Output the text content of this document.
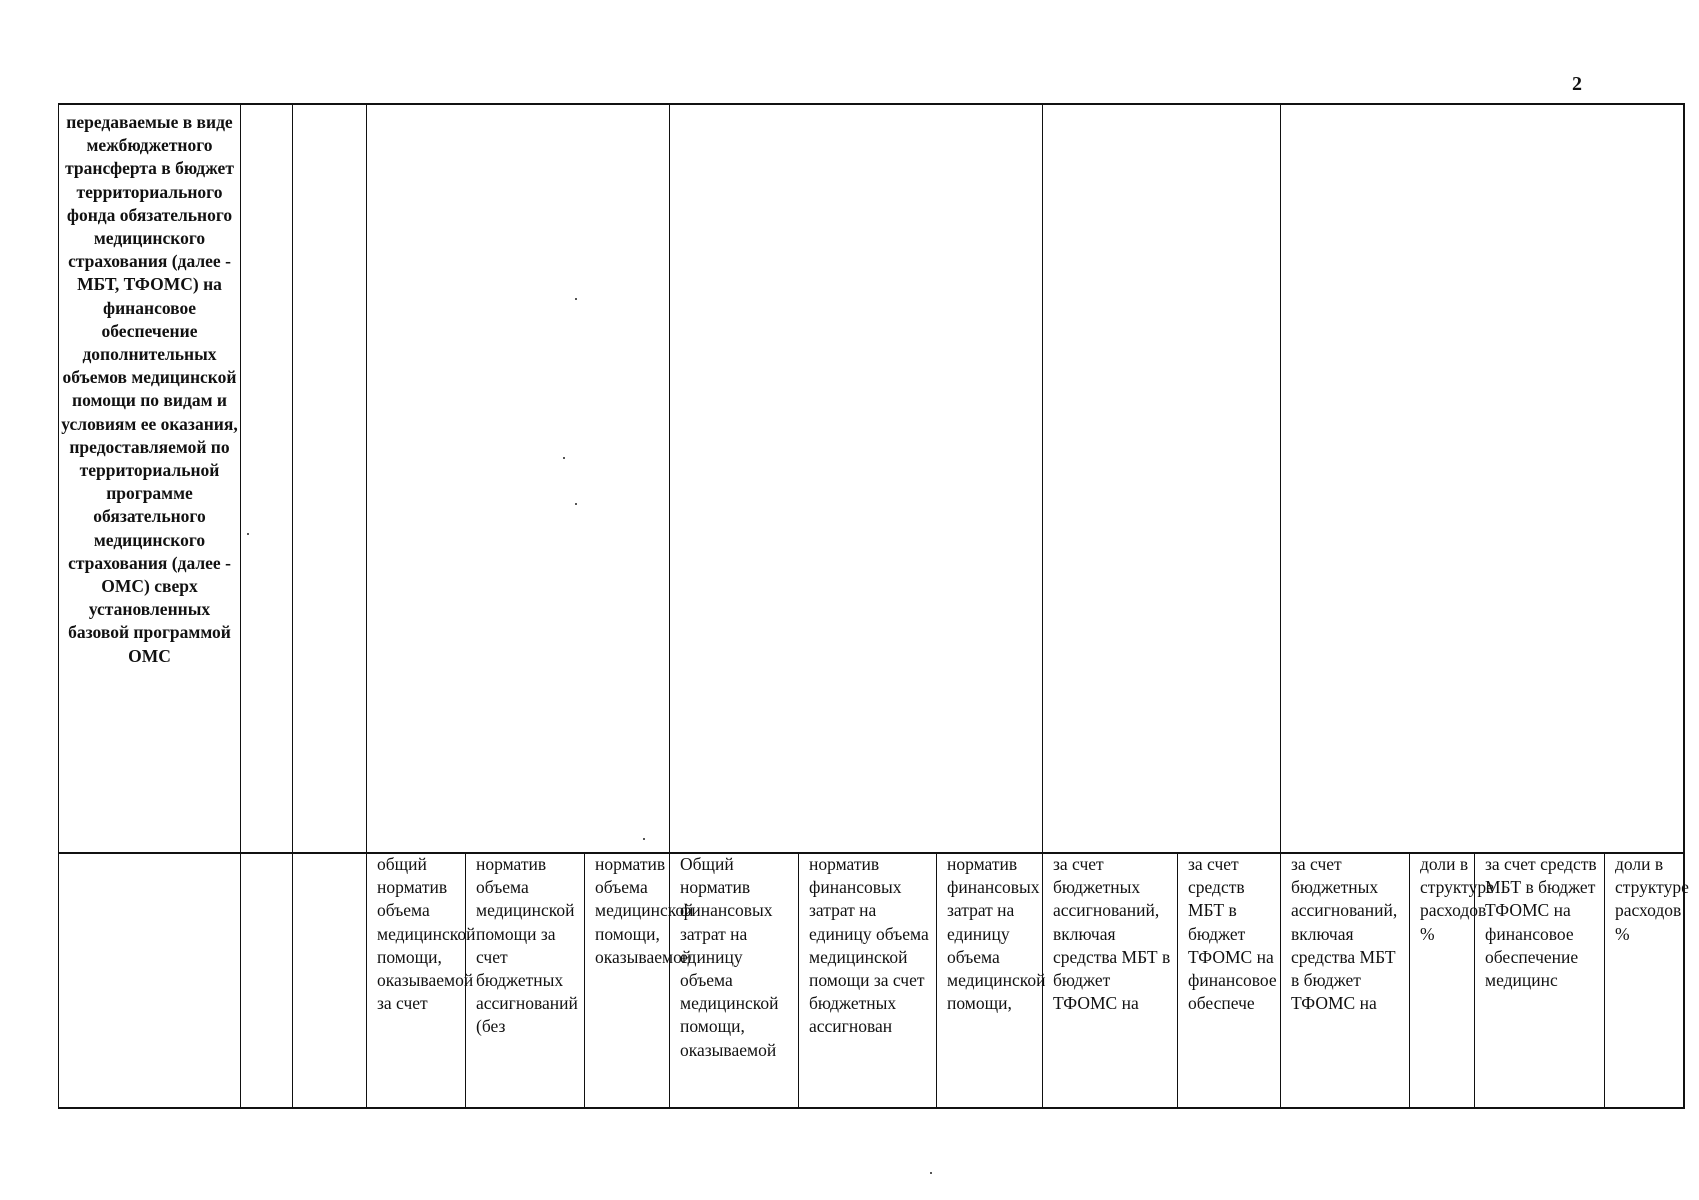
2
передаваемые в виде межбюджетного трансферта в бюджет территориального фонда обязательного медицинского страхования (далее - МБТ, ТФОМС) на финансовое обеспечение дополнительных объемов медицинской помощи по видам и условиям ее оказания, предоставляемой по территориальной программе обязательного медицинского страхования (далее - ОМС) сверх установленных базовой программой ОМС
общий норматив объема медицинской помощи, оказываемой за счет
норматив объема медицинской помощи за счет бюджетных ассигнований (без
норматив объема медицинской помощи, оказываемой
Общий норматив финансовых затрат на единицу объема медицинской помощи, оказываемой
норматив финансовых затрат на единицу объема медицинской помощи за счет бюджетных ассигнован
норматив финансовых затрат на единицу объема медицинской помощи,
за счет бюджетных ассигнований, включая средства МБТ в бюджет ТФОМС на
за счет средств МБТ в бюджет ТФОМС на финансовое обеспече
за счет бюджетных ассигнований, включая средства МБТ в бюджет ТФОМС на
доли в структуре расходов %
за счет средств МБТ в бюджет ТФОМС на финансовое обеспечение медицинс
доли в структуре расходов %
